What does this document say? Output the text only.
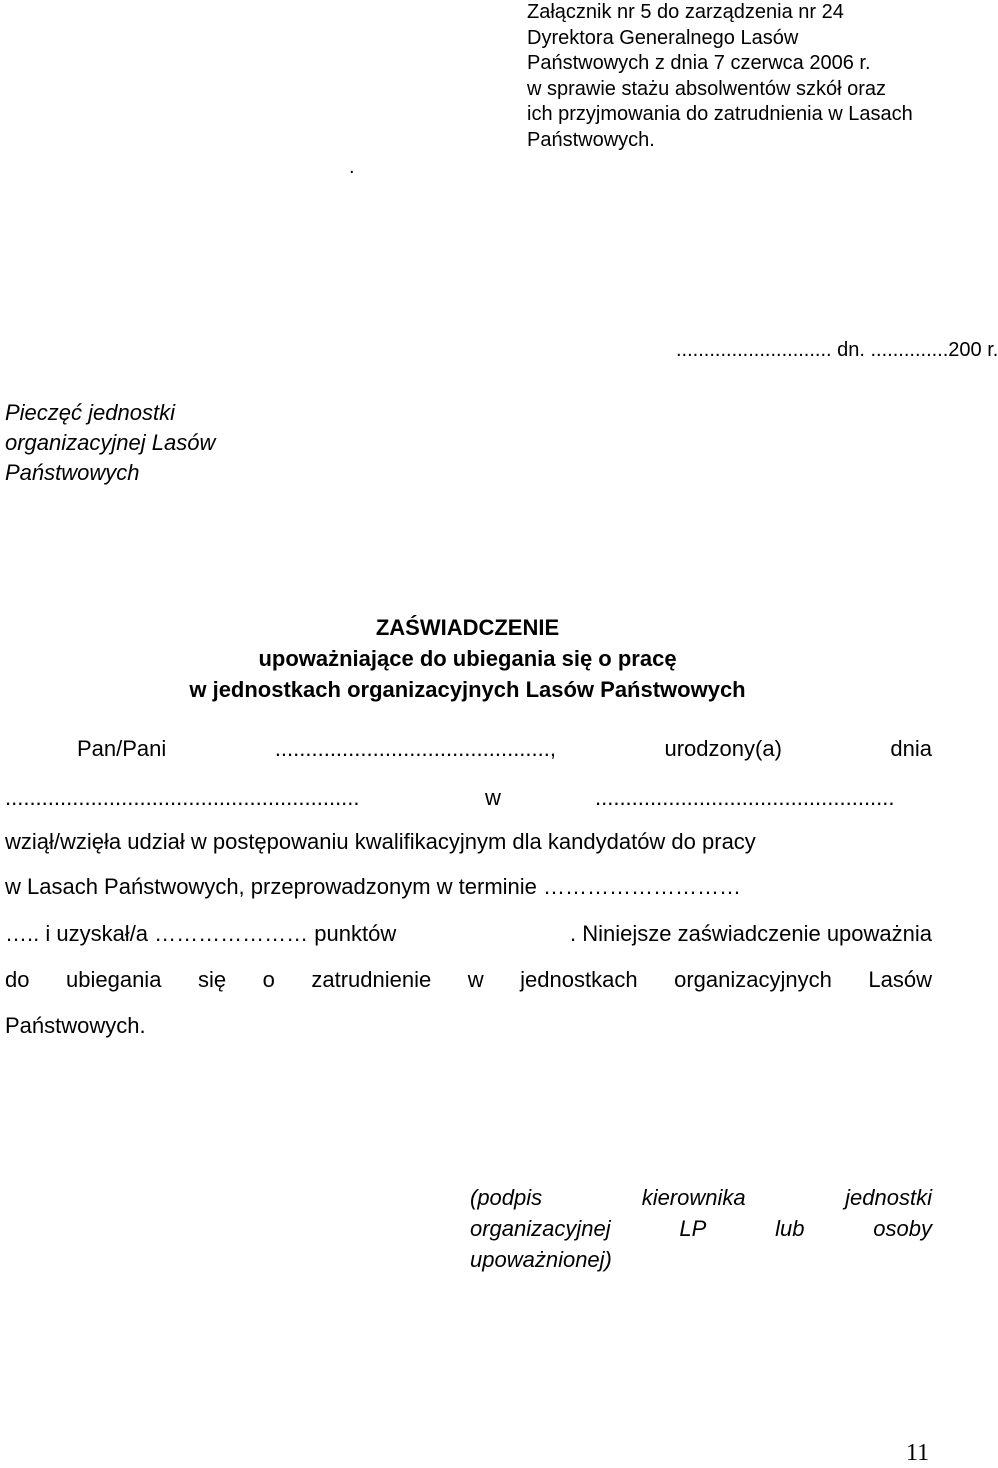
Załącznik nr 5 do zarządzenia nr 24
Dyrektora Generalnego Lasów
Państwowych z dnia 7 czerwca 2006 r.
w sprawie stażu absolwentów szkół oraz
ich przyjmowania do zatrudnienia w Lasach
Państwowych.
.
............................ dn. ..............200 r.
Pieczęć jednostki
organizacyjnej Lasów
Państwowych
ZAŚWIADCZENIE
upoważniające do ubiegania się o pracę
w jednostkach organizacyjnych Lasów Państwowych
Pan/Pani	.............................................,	urodzony(a)	dnia
..........................................................	w	.................................................
wziął/wzięła udział w postępowaniu kwalifikacyjnym dla kandydatów do pracy
w Lasach Państwowych, przeprowadzonym w terminie ………………………
….. i uzyskał/a ………………… punktów	. Niniejsze zaświadczenie upoważnia
do ubiegania się o zatrudnienie w jednostkach organizacyjnych Lasów
Państwowych.
(podpis	kierownika	jednostki
organizacyjnej	LP	lub	osoby
upoważnionej)
11
